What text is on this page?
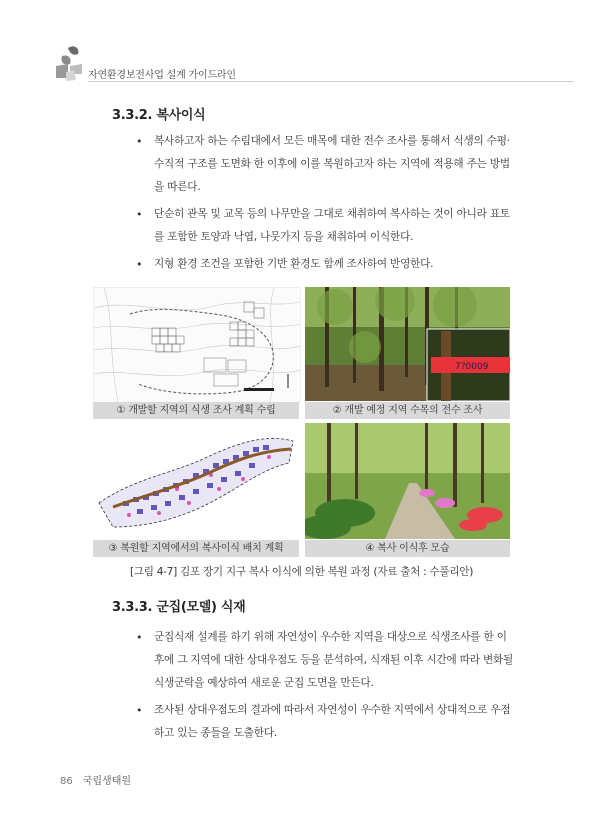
자연환경보전사업 설계 가이드라인
3.3.2. 복사이식
• 복사하고자 하는 수림대에서 모든 매목에 대한 전수 조사를 통해서 식생의 수평·수직적 구조를 도면화 한 이후에 이를 복원하고자 하는 지역에 적용해 주는 방법을 따른다.
• 단순히 관목 및 교목 등의 나무만을 그대로 채취하여 복사하는 것이 아니라 표토를 포함한 토양과 낙엽, 나뭇가지 등을 채취하여 이식한다.
• 지형 환경 조건을 포함한 기반 환경도 함께 조사하여 반영한다.
① 개발할 지역의 식생 조사 계획 수립
7?0009
② 개발 예정 지역 수목의 전수 조사
③ 복원할 지역에서의 복사이식 배치 계획	④ 복사 이식후 모습
[그림 4-7] 김포 장기 지구 복사 이식에 의한 복원 과정 (자료 출처 : 수풀리안)
3.3.3. 군집(모델) 식재
• 군집식재 설계를 하기 위해 자연성이 우수한 지역을 대상으로 식생조사를 한 이후에 그 지역에 대한 상대우점도 등을 분석하여, 식재된 이후 시간에 따라 변화될 식생군락을 예상하여 새로운 군집 도면을 만든다.
• 조사된 상대우점도의 결과에 따라서 자연성이 우수한 지역에서 상대적으로 우점하고 있는 종들을 도출한다.
86 국립생태원
